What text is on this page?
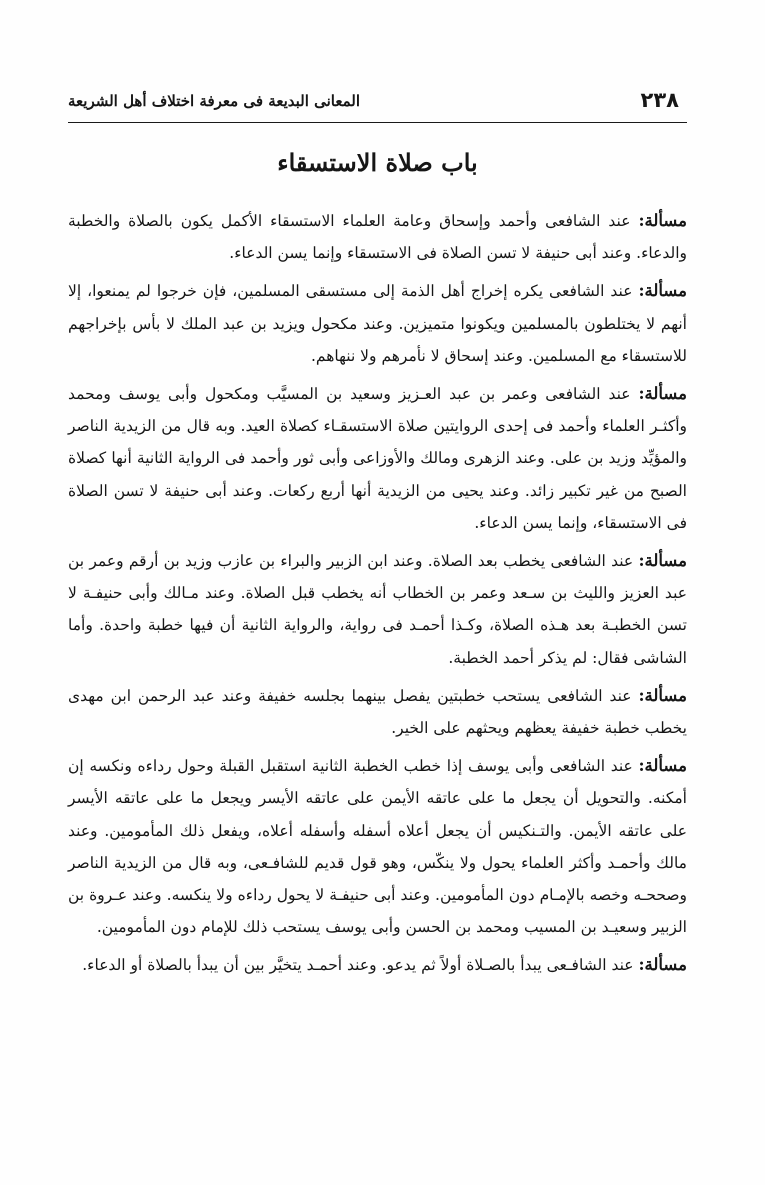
٢٣٨
المعانى البديعة فى معرفة اختلاف أهل الشريعة
باب صلاة الاستسقاء

مسألة: عند الشافعى وأحمد وإسحاق وعامة العلماء الاستسقاء الأكمل يكون بالصلاة والخطبة والدعاء. وعند أبى حنيفة لا تسن الصلاة فى الاستسقاء وإنما يسن الدعاء.

مسألة: عند الشافعى يكره إخراج أهل الذمة إلى مستسقى المسلمين، فإن خرجوا لم يمنعوا، إلا أنهم لا يختلطون بالمسلمين ويكونوا متميزين. وعند مكحول ويزيد بن عبد الملك لا بأس بإخراجهم للاستسقاء مع المسلمين. وعند إسحاق لا نأمرهم ولا ننهاهم.

مسألة: عند الشافعى وعمر بن عبد العـزيز وسعيد بن المسيَّب ومكحول وأبى يوسف ومحمد وأكثـر العلماء وأحمد فى إحدى الروايتين صلاة الاستسقـاء كصلاة العيد. وبه قال من الزيدية الناصر والمؤيِّد وزيد بن على. وعند الزهرى ومالك والأوزاعى وأبى ثور وأحمد فى الرواية الثانية أنها كصلاة الصبح من غير تكبير زائد. وعند يحيى من الزيدية أنها أربع ركعات. وعند أبى حنيفة لا تسن الصلاة فى الاستسقاء، وإنما يسن الدعاء.

مسألة: عند الشافعى يخطب بعد الصلاة. وعند ابن الزبير والبراء بن عازب وزيد بن أرقم وعمر بن عبد العزيز والليث بن سـعد وعمر بن الخطاب أنه يخطب قبل الصلاة. وعند مـالك وأبى حنيفـة لا تسن الخطبـة بعد هـذه الصلاة، وكـذا أحمـد فى رواية، والرواية الثانية أن فيها خطبة واحدة. وأما الشاشى فقال: لم يذكر أحمد الخطبة.

مسألة: عند الشافعى يستحب خطبتين يفصل بينهما بجلسه خفيفة وعند عبد الرحمن ابن مهدى يخطب خطبة خفيفة يعظهم ويحثهم على الخير.

مسألة: عند الشافعى وأبى يوسف إذا خطب الخطبة الثانية استقبل القبلة وحول رداءه ونكسه إن أمكنه. والتحويل أن يجعل ما على عاتقه الأيمن على عاتقه الأيسر ويجعل ما على عاتقه الأيسر على عاتقه الأيمن. والتـنكيس أن يجعل أعلاه أسفله وأسفله أعلاه، ويفعل ذلك المأمومين. وعند مالك وأحمـد وأكثر العلماء يحول ولا ينكّس، وهو قول قديم للشافـعى، وبه قال من الزيدية الناصر وصححـه وخصه بالإمـام دون المأمومين. وعند أبى حنيفـة لا يحول رداءه ولا ينكسه. وعند عـروة بن الزبير وسعيـد بن المسيب ومحمد بن الحسن وأبى يوسف يستحب ذلك للإمام دون المأمومين.

مسألة: عند الشافـعى يبدأ بالصـلاة أولاً ثم يدعو. وعند أحمـد يتخيَّر بين أن يبدأ بالصلاة أو الدعاء.
